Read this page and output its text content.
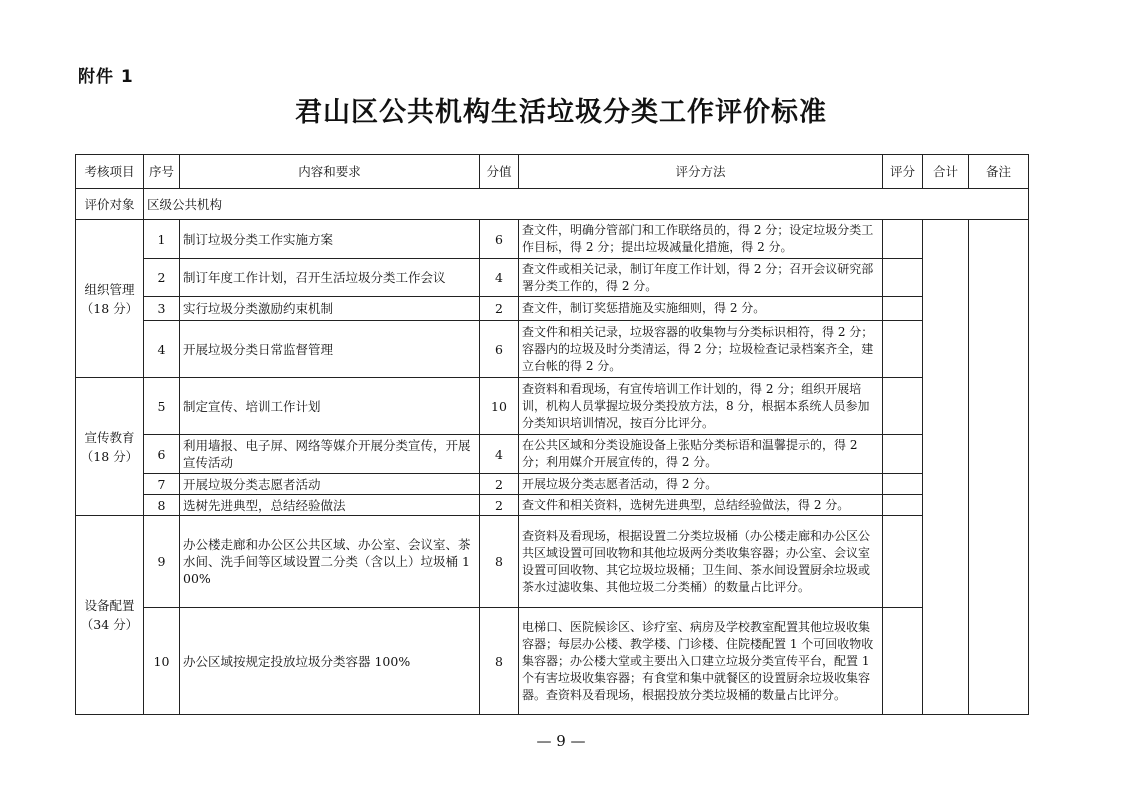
附件 1
君山区公共机构生活垃圾分类工作评价标准
考核项目	序号	内容和要求	分值	评分方法	评分	合计	备注
评价对象	区级公共机构						
组织管理
（18 分）	1	制订垃圾分类工作实施方案	6	查文件，明确分管部门和工作联络员的，得 2 分；设定垃圾分类工作目标，得 2 分；提出垃圾减量化措施，得 2 分。			
	2	制订年度工作计划，召开生活垃圾分类工作会议	4	查文件或相关记录，制订年度工作计划，得 2 分；召开会议研究部署分类工作的，得 2 分。			
	3	实行垃圾分类激励约束机制	2	查文件，制订奖惩措施及实施细则，得 2 分。			
	4	开展垃圾分类日常监督管理	6	查文件和相关记录，垃圾容器的收集物与分类标识相符，得 2 分；容器内的垃圾及时分类清运，得 2 分；垃圾检查记录档案齐全，建立台帐的得 2 分。			
宣传教育
（18 分）	5	制定宣传、培训工作计划	10	查资料和看现场，有宣传培训工作计划的，得 2 分；组织开展培训，机构人员掌握垃圾分类投放方法，8 分，根据本系统人员参加分类知识培训情况，按百分比评分。			
	6	利用墙报、电子屏、网络等媒介开展分类宣传，开展宣传活动	4	在公共区域和分类设施设备上张贴分类标语和温馨提示的，得 2 分；利用媒介开展宣传的，得 2 分。			
	7	开展垃圾分类志愿者活动	2	开展垃圾分类志愿者活动，得 2 分。			
	8	选树先进典型，总结经验做法	2	查文件和相关资料，选树先进典型，总结经验做法，得 2 分。			
设备配置
（34 分）	9	办公楼走廊和办公区公共区域、办公室、会议室、茶水间、洗手间等区域设置二分类（含以上）垃圾桶 100%	8	查资料及看现场，根据设置二分类垃圾桶（办公楼走廊和办公区公共区域设置可回收物和其他垃圾两分类收集容器；办公室、会议室设置可回收物、其它垃圾垃圾桶；卫生间、茶水间设置厨余垃圾或茶水过滤收集、其他垃圾二分类桶）的数量占比评分。			
	10	办公区域按规定投放垃圾分类容器 100%	8	电梯口、医院候诊区、诊疗室、病房及学校教室配置其他垃圾收集容器；每层办公楼、教学楼、门诊楼、住院楼配置 1 个可回收物收集容器；办公楼大堂或主要出入口建立垃圾分类宣传平台，配置 1 个有害垃圾收集容器；有食堂和集中就餐区的设置厨余垃圾收集容器。查资料及看现场，根据投放分类垃圾桶的数量占比评分。			
— 9 —
